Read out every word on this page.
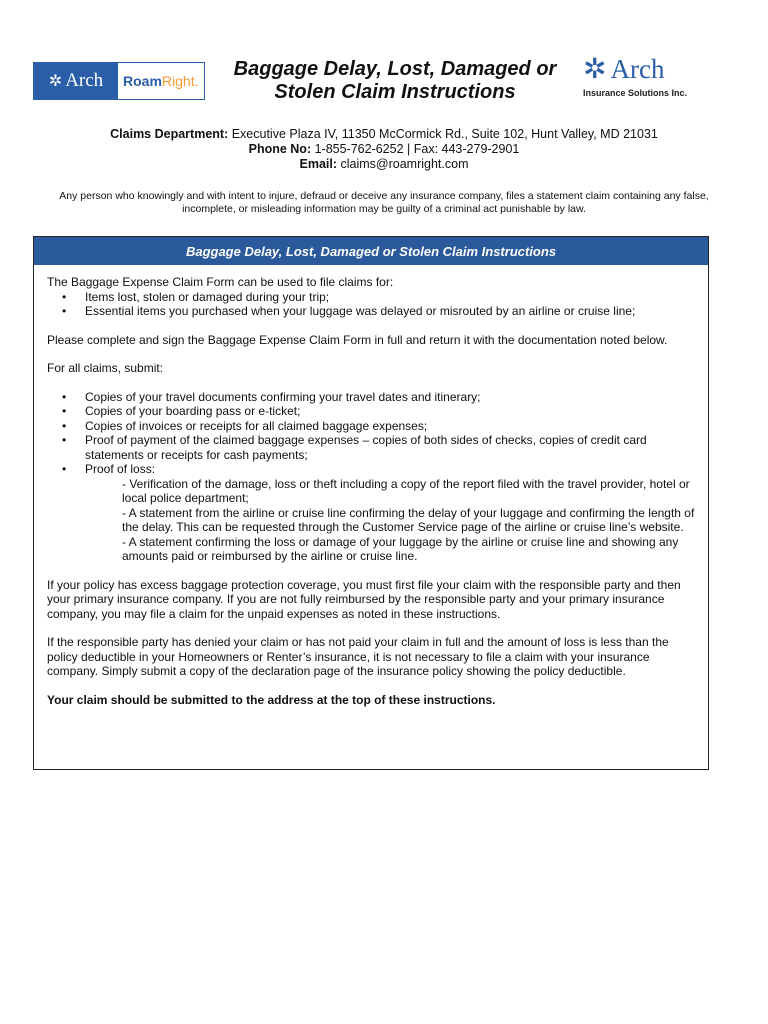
✲ Arch Roam Right.
Baggage Delay, Lost, Damaged or
Stolen Claim Instructions
✲ Arch
Insurance Solutions Inc.
Claims Department: Executive Plaza IV, 11350 McCormick Rd., Suite 102, Hunt Valley, MD 21031
Phone No: 1-855-762-6252 | Fax: 443-279-2901
Email: claims@roamright.com
Any person who knowingly and with intent to injure, defraud or deceive any insurance company, files a statement claim containing any false, incomplete, or misleading information may be guilty of a criminal act punishable by law.
Baggage Delay, Lost, Damaged or Stolen Claim Instructions

The Baggage Expense Claim Form can be used to file claims for:

• Items lost, stolen or damaged during your trip;
• Essential items you purchased when your luggage was delayed or misrouted by an airline or cruise line;

Please complete and sign the Baggage Expense Claim Form in full and return it with the documentation noted below.

For all claims, submit:

• Copies of your travel documents confirming your travel dates and itinerary;
• Copies of your boarding pass or e-ticket;
• Copies of invoices or receipts for all claimed baggage expenses;
• Proof of payment of the claimed baggage expenses – copies of both sides of checks, copies of credit card statements or receipts for cash payments;
• Proof of loss:

- Verification of the damage, loss or theft including a copy of the report filed with the travel provider, hotel or local police department;

- A statement from the airline or cruise line confirming the delay of your luggage and confirming the length of the delay. This can be requested through the Customer Service page of the airline or cruise line’s website.

- A statement confirming the loss or damage of your luggage by the airline or cruise line and showing any amounts paid or reimbursed by the airline or cruise line.

If your policy has excess baggage protection coverage, you must first file your claim with the responsible party and then your primary insurance company. If you are not fully reimbursed by the responsible party and your primary insurance company, you may file a claim for the unpaid expenses as noted in these instructions.

If the responsible party has denied your claim or has not paid your claim in full and the amount of loss is less than the policy deductible in your Homeowners or Renter’s insurance, it is not necessary to file a claim with your insurance company. Simply submit a copy of the declaration page of the insurance policy showing the policy deductible.

Your claim should be submitted to the address at the top of these instructions.
